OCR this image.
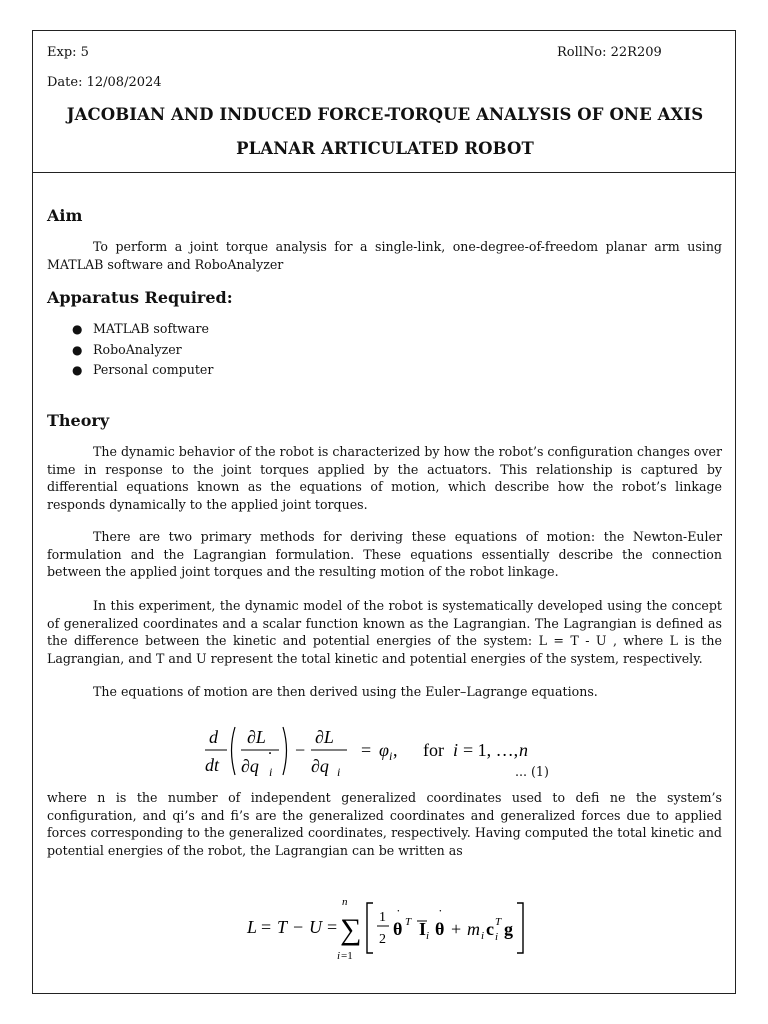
Exp: 5	RollNo: 22R209
Date: 12/08/2024
JACOBIAN AND INDUCED FORCE-TORQUE ANALYSIS OF ONE AXIS
PLANAR ARTICULATED ROBOT
Aim

To perform a joint torque analysis for a single-link, one-degree-of-freedom planar arm using MATLAB software and RoboAnalyzer

Apparatus Required:
● MATLAB software
● RoboAnalyzer
● Personal computer
Theory

The dynamic behavior of the robot is characterized by how the robot’s configuration changes over time in response to the joint torques applied by the actuators. This relationship is captured by differential equations known as the equations of motion, which describe how the robot’s linkage responds dynamically to the applied joint torques.

There are two primary methods for deriving these equations of motion: the Newton-Euler formulation and the Lagrangian formulation. These equations essentially describe the connection between the applied joint torques and the resulting motion of the robot linkage.

In this experiment, the dynamic model of the robot is systematically developed using the concept of generalized coordinates and a scalar function known as the Lagrangian. The Lagrangian is defined as the difference between the kinetic and potential energies of the system: L = T - U , where L is the Lagrangian, and T and U represent the total kinetic and potential energies of the system, respectively.

The equations of motion are then derived using the Euler–Lagrange equations.

d
dt
∂L
∂q ˙
i
−
∂L
∂q i
= φ i , for i = 1, …, n
... (1)

where n is the number of independent generalized coordinates used to defi ne the system’s configuration, and qi’s and fi’s are the generalized coordinates and generalized forces due to applied forces corresponding to the generalized coordinates, respectively. Having computed the total kinetic and potential energies of the robot, the Lagrangian can be written as

L = T − U =
n
∑
i =1
1
2
θ
˙ T I i θ
˙
+ m i c T
i g
